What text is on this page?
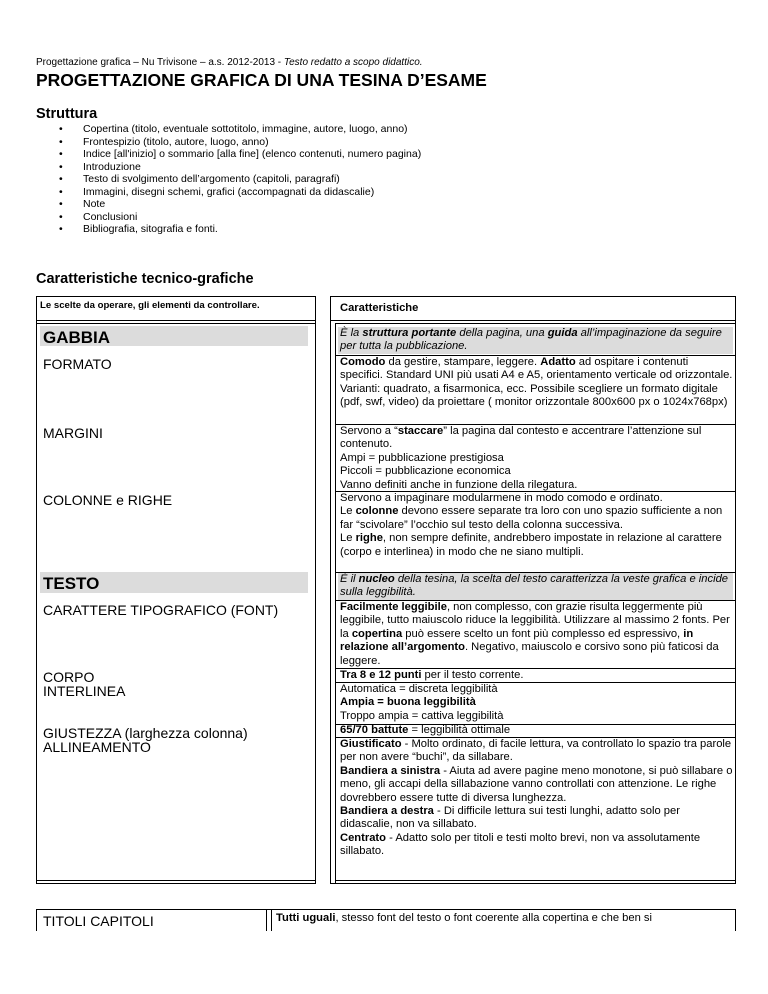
Progettazione grafica – Nu Trivisone – a.s. 2012-2013 - Testo redatto a scopo didattico.
PROGETTAZIONE GRAFICA DI UNA TESINA D’ESAME
Struttura
• Copertina (titolo, eventuale sottotitolo, immagine, autore, luogo, anno)
• Frontespizio (titolo, autore, luogo, anno)
• Indice [all'inizio] o sommario [alla fine] (elenco contenuti, numero pagina)
• Introduzione
• Testo di svolgimento dell’argomento (capitoli, paragrafi)
• Immagini, disegni schemi, grafici (accompagnati da didascalie)
• Note
• Conclusioni
• Bibliografia, sitografia e fonti.
Caratteristiche tecnico-grafiche
Le scelte da operare, gli elementi da controllare.	Caratteristiche
GABBIA
FORMATO
MARGINI
COLONNE e RIGHE
TESTO
CARATTERE TIPOGRAFICO (FONT)
CORPO
INTERLINEA
GIUSTEZZA (larghezza colonna)
ALLINEAMENTO
È la struttura portante della pagina, una guida all’impaginazione da seguire per tutta la pubblicazione.
Comodo da gestire, stampare, leggere. Adatto ad ospitare i contenuti specifici. Standard UNI più usati A4 e A5, orientamento verticale od orizzontale. Varianti: quadrato, a fisarmonica, ecc. Possibile scegliere un formato digitale (pdf, swf, video) da proiettare ( monitor orizzontale 800x600 px o 1024x768px)

Servono a “staccare” la pagina dal contesto e accentrare l’attenzione sul contenuto.

Ampi = pubblicazione prestigiosa

Piccoli = pubblicazione economica

Vanno definiti anche in funzione della rilegatura.

Servono a impaginare modularmene in modo comodo e ordinato.

Le colonne devono essere separate tra loro con uno spazio sufficiente a non far “scivolare” l’occhio sul testo della colonna successiva.

Le righe, non sempre definite, andrebbero impostate in relazione al carattere (corpo e interlinea) in modo che ne siano multipli.

È il nucleo della tesina, la scelta del testo caratterizza la veste grafica e incide sulla leggibilità.
Facilmente leggibile, non complesso, con grazie risulta leggermente più leggibile, tutto maiuscolo riduce la leggibilità. Utilizzare al massimo 2 fonts. Per la copertina può essere scelto un font più complesso ed espressivo, in relazione all’argomento. Negativo, maiuscolo e corsivo sono più faticosi da leggere.
Tra 8 e 12 punti per il testo corrente.

Automatica = discreta leggibilità

Ampia = buona leggibilità

Troppo ampia = cattiva leggibilità

65/70 battute = leggibilità ottimale

Giustificato - Molto ordinato, di facile lettura, va controllato lo spazio tra parole per non avere “buchi”, da sillabare.

Bandiera a sinistra - Aiuta ad avere pagine meno monotone, si può sillabare o meno, gli accapi della sillabazione vanno controllati con attenzione. Le righe dovrebbero essere tutte di diversa lunghezza.

Bandiera a destra - Di difficile lettura sui testi lunghi, adatto solo per didascalie, non va sillabato.

Centrato - Adatto solo per titoli e testi molto brevi, non va assolutamente sillabato.

TITOLI CAPITOLI	Tutti uguali, stesso font del testo o font coerente alla copertina e che ben si
